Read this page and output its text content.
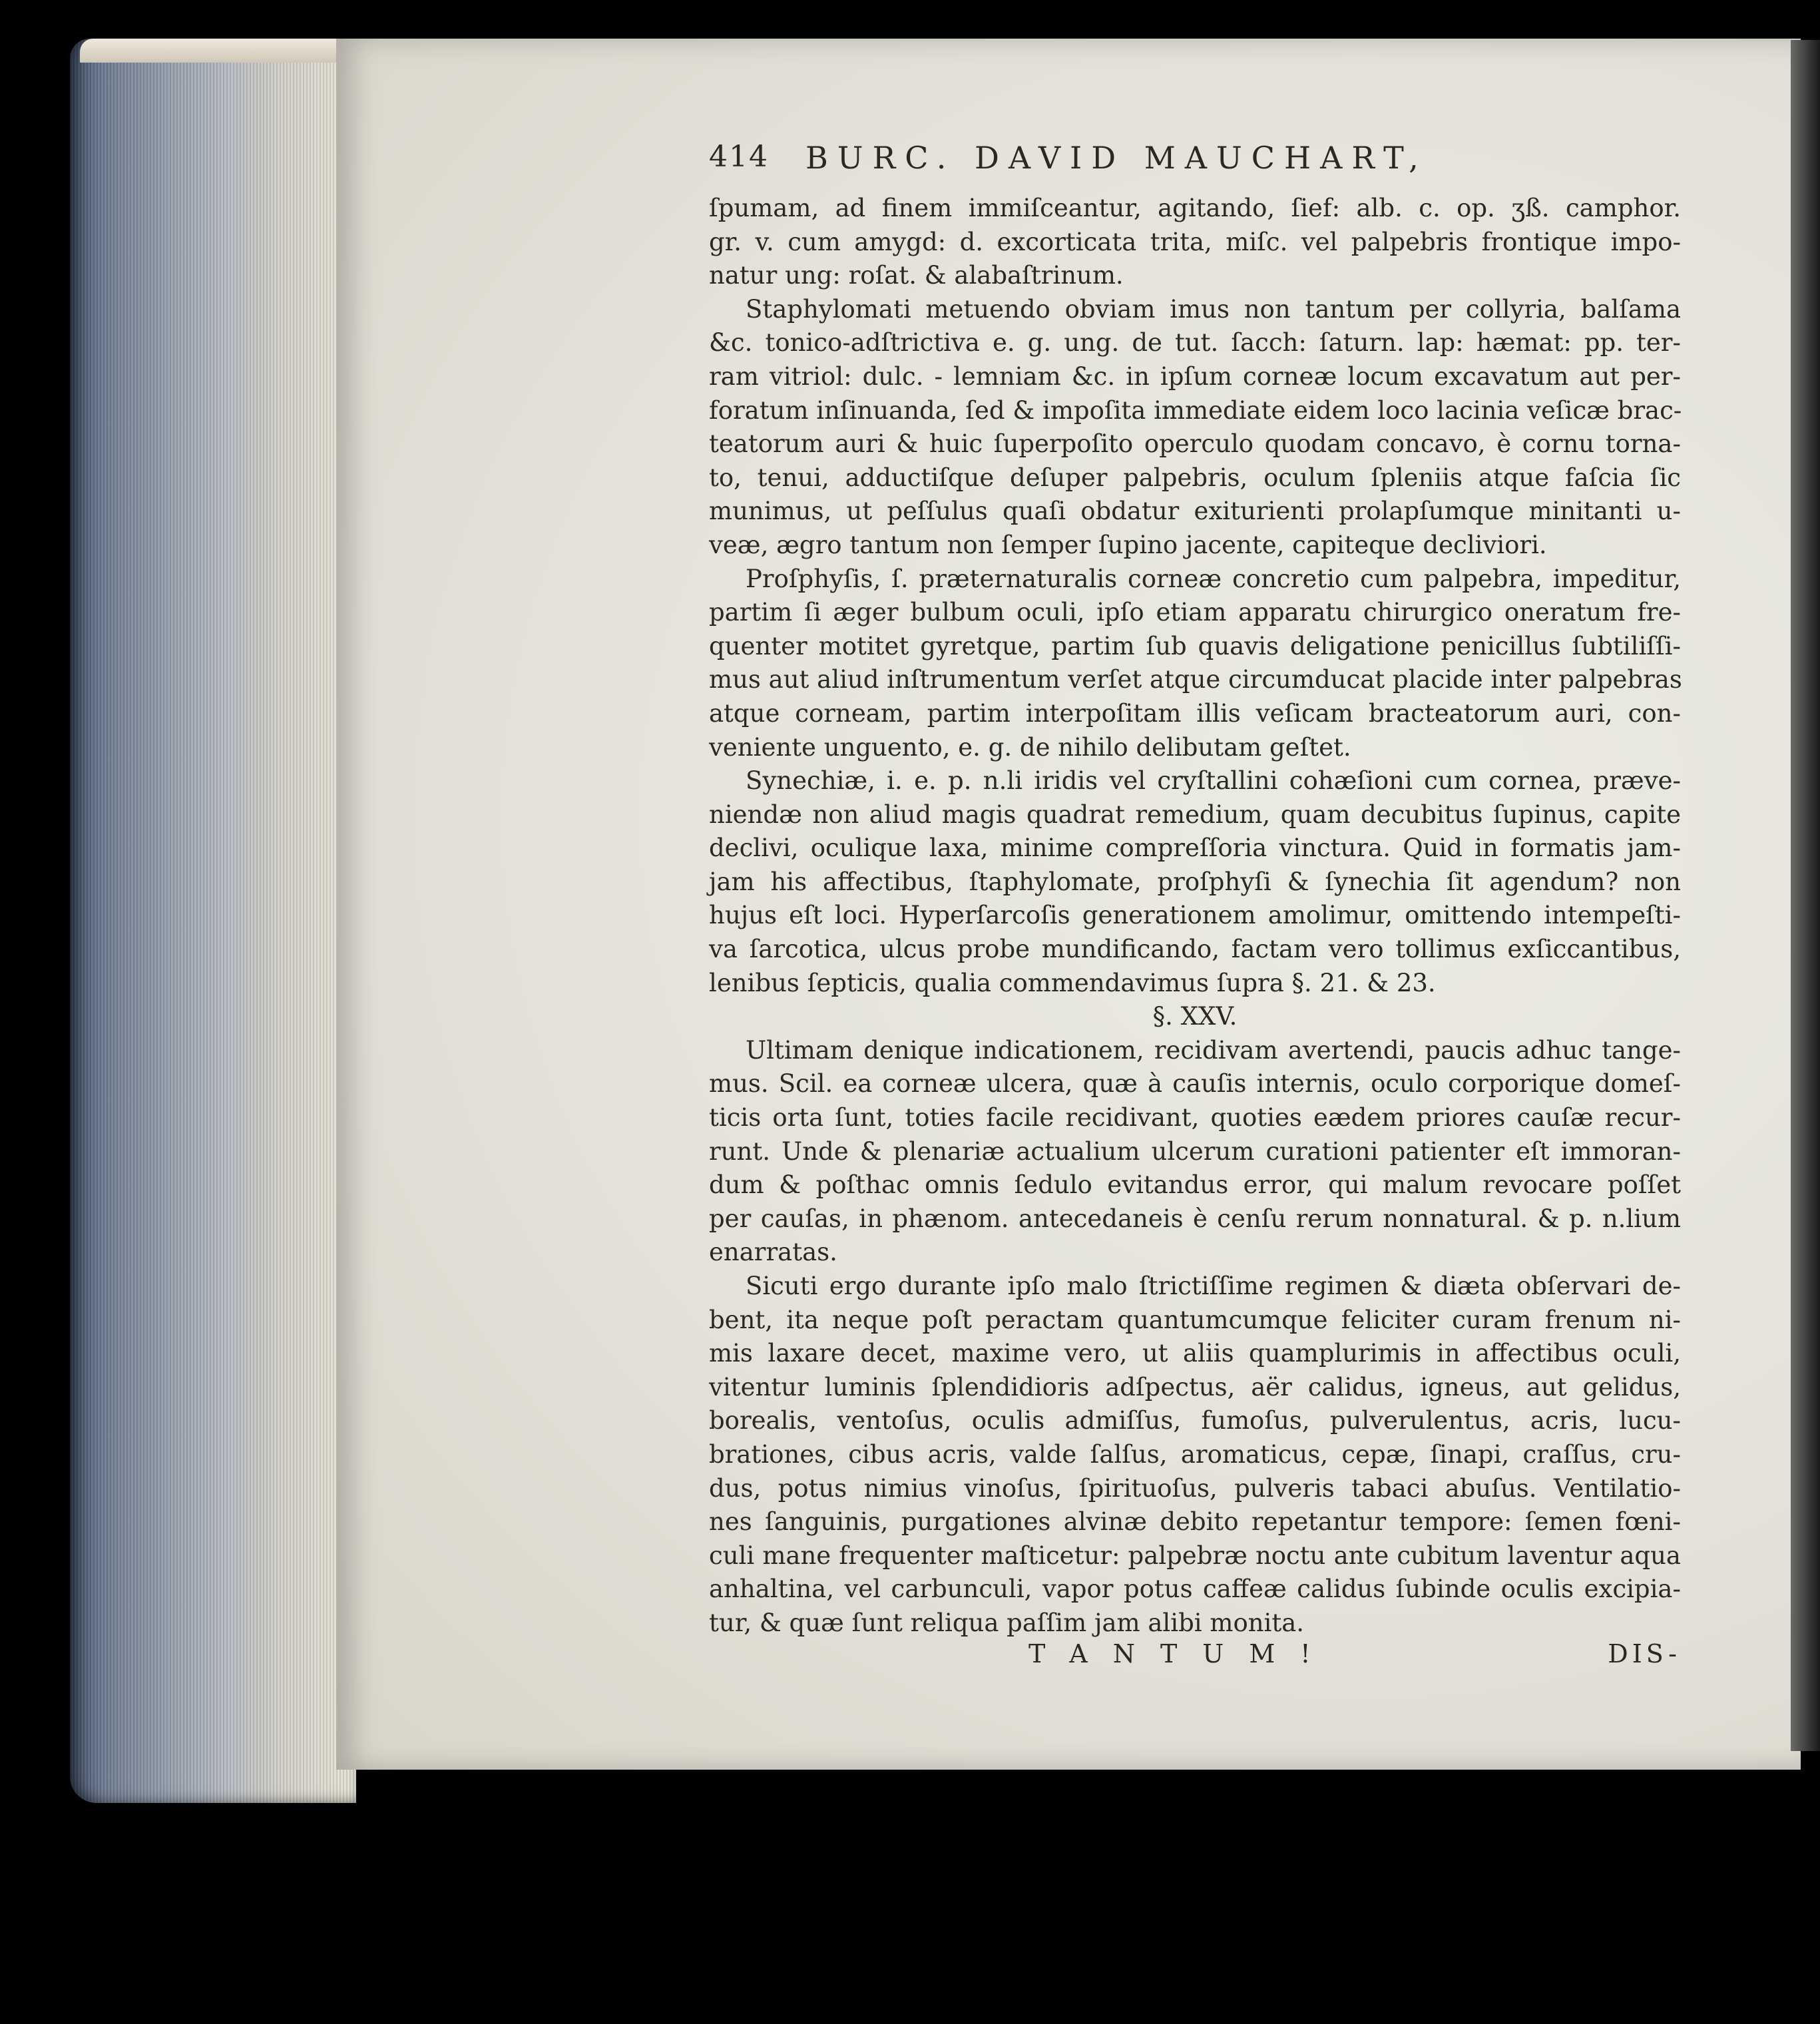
414 BURC. DAVID MAUCHART,
ſpumam, ad finem immiſceantur, agitando, ſief: alb. c. op. ʒß. camphor.
gr. v. cum amygd: d. excorticata trita, miſc. vel palpebris frontique impo-
natur ung: roſat. & alabaſtrinum.
Staphylomati metuendo obviam imus non tantum per collyria, balſama
&c. tonico-adſtrictiva e. g. ung. de tut. ſacch: ſaturn. lap: hæmat: pp. ter-
ram vitriol: dulc. - lemniam &c. in ipſum corneæ locum excavatum aut per-
foratum inſinuanda, ſed & impoſita immediate eidem loco lacinia veſicæ brac-
teatorum auri & huic ſuperpoſito operculo quodam concavo, è cornu torna-
to, tenui, adductiſque deſuper palpebris, oculum ſpleniis atque faſcia ſic
munimus, ut peſſulus quaſi obdatur exiturienti prolapſumque minitanti u-
veæ, ægro tantum non ſemper ſupino jacente, capiteque decliviori.
Proſphyſis, ſ. præternaturalis corneæ concretio cum palpebra, impeditur,
partim ſi æger bulbum oculi, ipſo etiam apparatu chirurgico oneratum fre-
quenter motitet gyretque, partim ſub quavis deligatione penicillus ſubtiliſſi-
mus aut aliud inſtrumentum verſet atque circumducat placide inter palpebras
atque corneam, partim interpoſitam illis veſicam bracteatorum auri, con-
veniente unguento, e. g. de nihilo delibutam geſtet.
Synechiæ, i. e. p. n.li iridis vel cryſtallini cohæſioni cum cornea, præve-
niendæ non aliud magis quadrat remedium, quam decubitus ſupinus, capite
declivi, oculique laxa, minime compreſſoria vinctura. Quid in formatis jam-
jam his affectibus, ſtaphylomate, proſphyſi & ſynechia ſit agendum? non
hujus eſt loci. Hyperſarcoſis generationem amolimur, omittendo intempeſti-
va ſarcotica, ulcus probe mundificando, factam vero tollimus exſiccantibus,
lenibus ſepticis, qualia commendavimus ſupra §. 21. & 23.
§. XXV.
Ultimam denique indicationem, recidivam avertendi, paucis adhuc tange-
mus. Scil. ea corneæ ulcera, quæ à cauſis internis, oculo corporique domeſ-
ticis orta ſunt, toties facile recidivant, quoties eædem priores cauſæ recur-
runt. Unde & plenariæ actualium ulcerum curationi patienter eſt immoran-
dum & poſthac omnis ſedulo evitandus error, qui malum revocare poſſet
per cauſas, in phænom. antecedaneis è cenſu rerum nonnatural. & p. n.lium
enarratas.
Sicuti ergo durante ipſo malo ſtrictiſſime regimen & diæta obſervari de-
bent, ita neque poſt peractam quantumcumque feliciter curam frenum ni-
mis laxare decet, maxime vero, ut aliis quamplurimis in affectibus oculi,
vitentur luminis ſplendidioris adſpectus, aër calidus, igneus, aut gelidus,
borealis, ventoſus, oculis admiſſus, fumoſus, pulverulentus, acris, lucu-
brationes, cibus acris, valde ſalſus, aromaticus, cepæ, ſinapi, craſſus, cru-
dus, potus nimius vinoſus, ſpirituoſus, pulveris tabaci abuſus. Ventilatio-
nes ſanguinis, purgationes alvinæ debito repetantur tempore: ſemen fœni-
culi mane frequenter maſticetur: palpebræ noctu ante cubitum laventur aqua
anhaltina, vel carbunculi, vapor potus caffeæ calidus ſubinde oculis excipia-
tur, & quæ ſunt reliqua paſſim jam alibi monita.
TANTUM!	DIS-
